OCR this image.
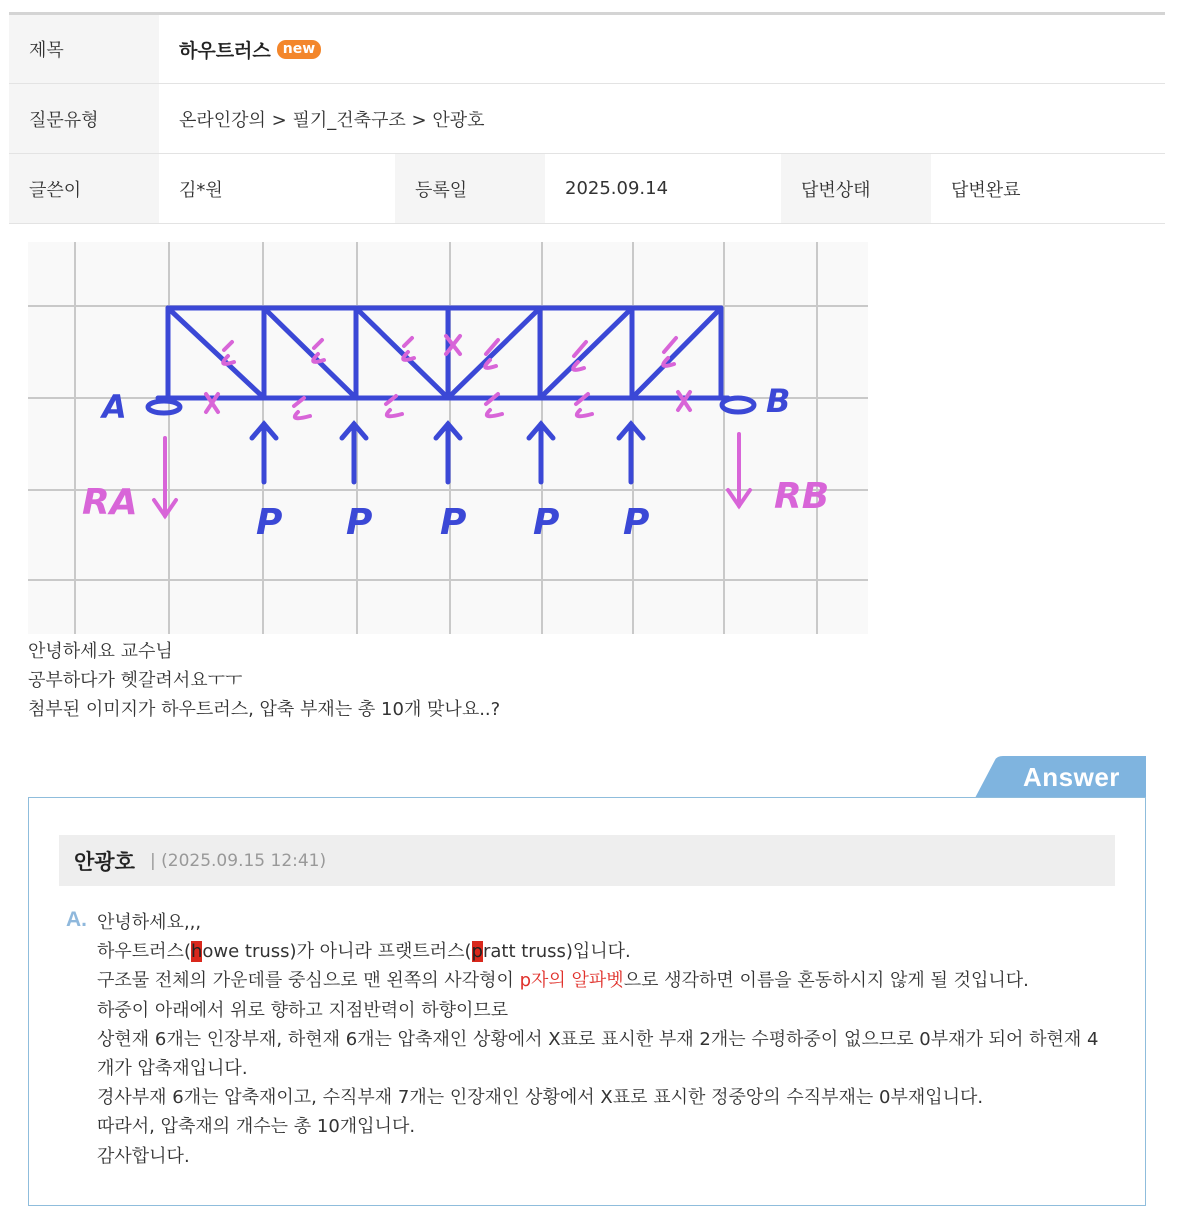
제목	하우트러스 new
질문유형	온라인강의 > 필기_건축구조 > 안광호
글쓴이	김*원	등록일	2025.09.14	답변상태	답변완료
A	B
P P P P P
RA	RB
안녕하세요 교수님
공부하다가 헷갈려서요ㅜㅜ
첨부된 이미지가 하우트러스, 압축 부재는 총 10개 맞나요..?
Answer
안광호 | (2025.09.15 12:41)
A. 안녕하세요,,,
하우트러스(howe truss)가 아니라 프랫트러스(pratt truss)입니다.
구조물 전체의 가운데를 중심으로 맨 왼쪽의 사각형이 p자의 알파벳으로 생각하면 이름을 혼동하시지 않게 될 것입니다.
하중이 아래에서 위로 향하고 지점반력이 하향이므로
상현재 6개는 인장부재, 하현재 6개는 압축재인 상황에서 X표로 표시한 부재 2개는 수평하중이 없으므로 0부재가 되어 하현재 4개가 압축재입니다.
경사부재 6개는 압축재이고, 수직부재 7개는 인장재인 상황에서 X표로 표시한 정중앙의 수직부재는 0부재입니다.
따라서, 압축재의 개수는 총 10개입니다.
감사합니다.
